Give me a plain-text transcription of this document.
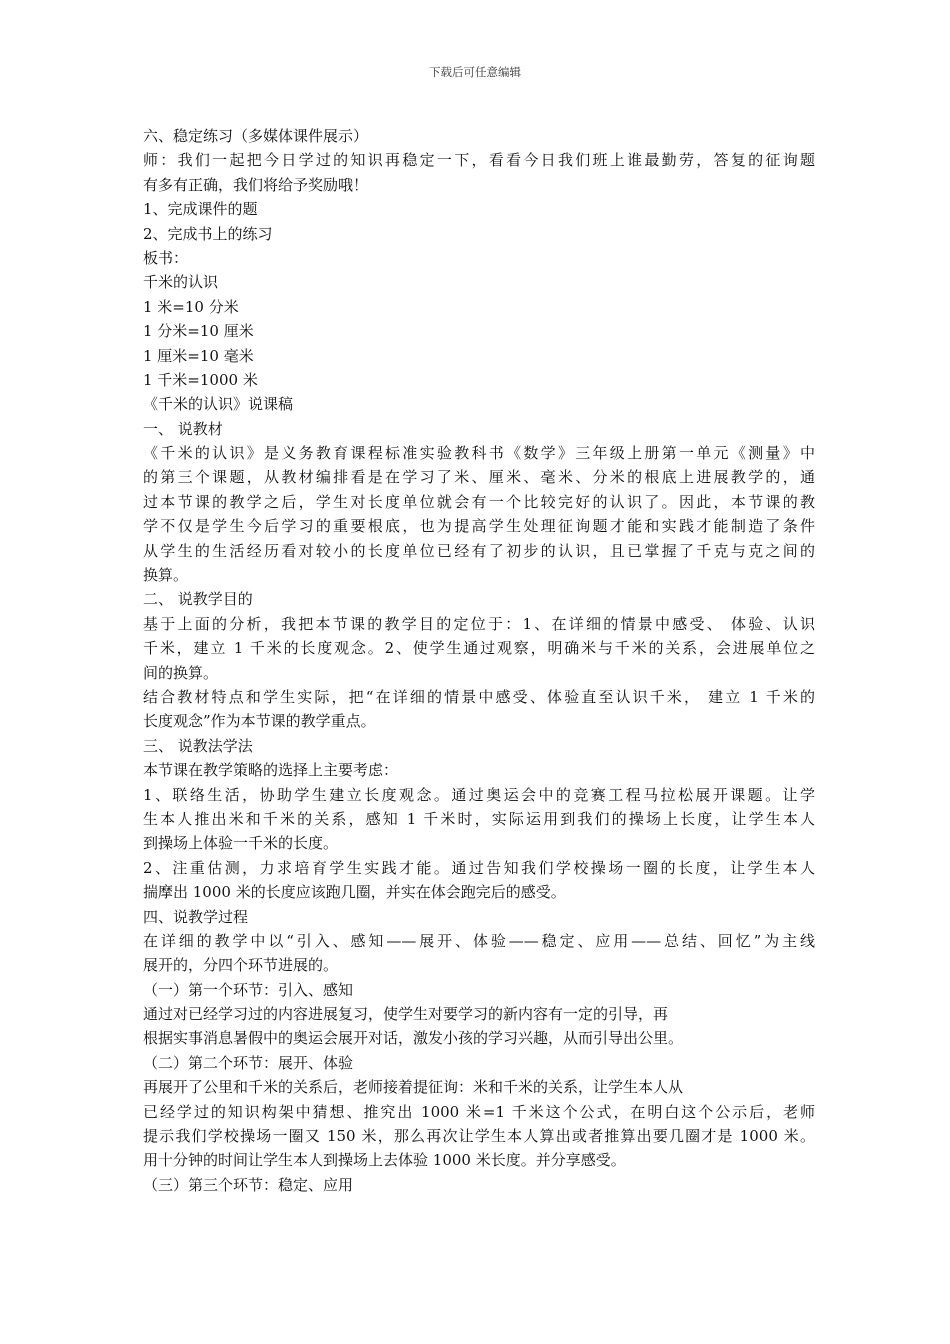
下载后可任意编辑
六、稳定练习（多媒体课件展示）
师：我们一起把今日学过的知识再稳定一下，看看今日我们班上谁最勤劳，答复的征询题
有多有正确，我们将给予奖励哦！
1、完成课件的题
2、完成书上的练习
板书：
千米的认识
1 米=10 分米
1 分米=10 厘米
1 厘米=10 毫米
1 千米=1000 米
《千米的认识》说课稿
一、 说教材
《千米的认识》是义务教育课程标准实验教科书《数学》三年级上册第一单元《测量》中
的第三个课题，从教材编排看是在学习了米、厘米、毫米、分米的根底上进展教学的，通
过本节课的教学之后，学生对长度单位就会有一个比较完好的认识了。因此，本节课的教
学不仅是学生今后学习的重要根底，也为提高学生处理征询题才能和实践才能制造了条件
从学生的生活经历看对较小的长度单位已经有了初步的认识，且已掌握了千克与克之间的
换算。
二、 说教学目的
基于上面的分析，我把本节课的教学目的定位于：1、在详细的情景中感受、 体验、认识
千米，建立 1 千米的长度观念。2、使学生通过观察，明确米与千米的关系，会进展单位之
间的换算。
结合教材特点和学生实际，把“在详细的情景中感受、体验直至认识千米， 建立 1 千米的
长度观念”作为本节课的教学重点。
三、 说教法学法
本节课在教学策略的选择上主要考虑：
1、联络生活，协助学生建立长度观念。通过奥运会中的竞赛工程马拉松展开课题。让学
生本人推出米和千米的关系，感知 1 千米时，实际运用到我们的操场上长度，让学生本人
到操场上体验一千米的长度。
2、注重估测，力求培育学生实践才能。通过告知我们学校操场一圈的长度，让学生本人
揣摩出 1000 米的长度应该跑几圈，并实在体会跑完后的感受。
四、说教学过程
在详细的教学中以“引入、感知——展开、体验——稳定、应用——总结、回忆”为主线
展开的，分四个环节进展的。
（一）第一个环节：引入、感知
通过对已经学习过的内容进展复习，使学生对要学习的新内容有一定的引导，再
根据实事消息暑假中的奥运会展开对话，激发小孩的学习兴趣，从而引导出公里。
（二）第二个环节：展开、体验
再展开了公里和千米的关系后，老师接着提征询：米和千米的关系，让学生本人从
已经学过的知识构架中猜想、推究出 1000 米=1 千米这个公式，在明白这个公示后，老师
提示我们学校操场一圈又 150 米，那么再次让学生本人算出或者推算出要几圈才是 1000 米。
用十分钟的时间让学生本人到操场上去体验 1000 米长度。并分享感受。
（三）第三个环节：稳定、应用
